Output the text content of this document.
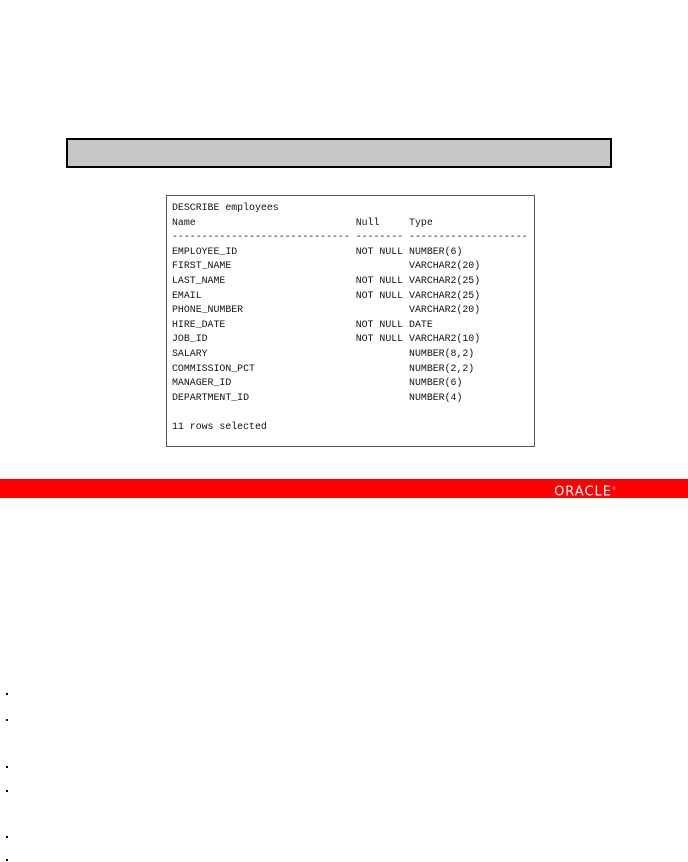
DESCRIBE employees
Name                           Null     Type
------------------------------ -------- --------------------
EMPLOYEE_ID                    NOT NULL NUMBER(6)
FIRST_NAME                              VARCHAR2(20)
LAST_NAME                      NOT NULL VARCHAR2(25)
EMAIL                          NOT NULL VARCHAR2(25)
PHONE_NUMBER                            VARCHAR2(20)
HIRE_DATE                      NOT NULL DATE
JOB_ID                         NOT NULL VARCHAR2(10)
SALARY                                  NUMBER(8,2)
COMMISSION_PCT                          NUMBER(2,2)
MANAGER_ID                              NUMBER(6)
DEPARTMENT_ID                           NUMBER(4)
11 rows selected
ORACLE®
